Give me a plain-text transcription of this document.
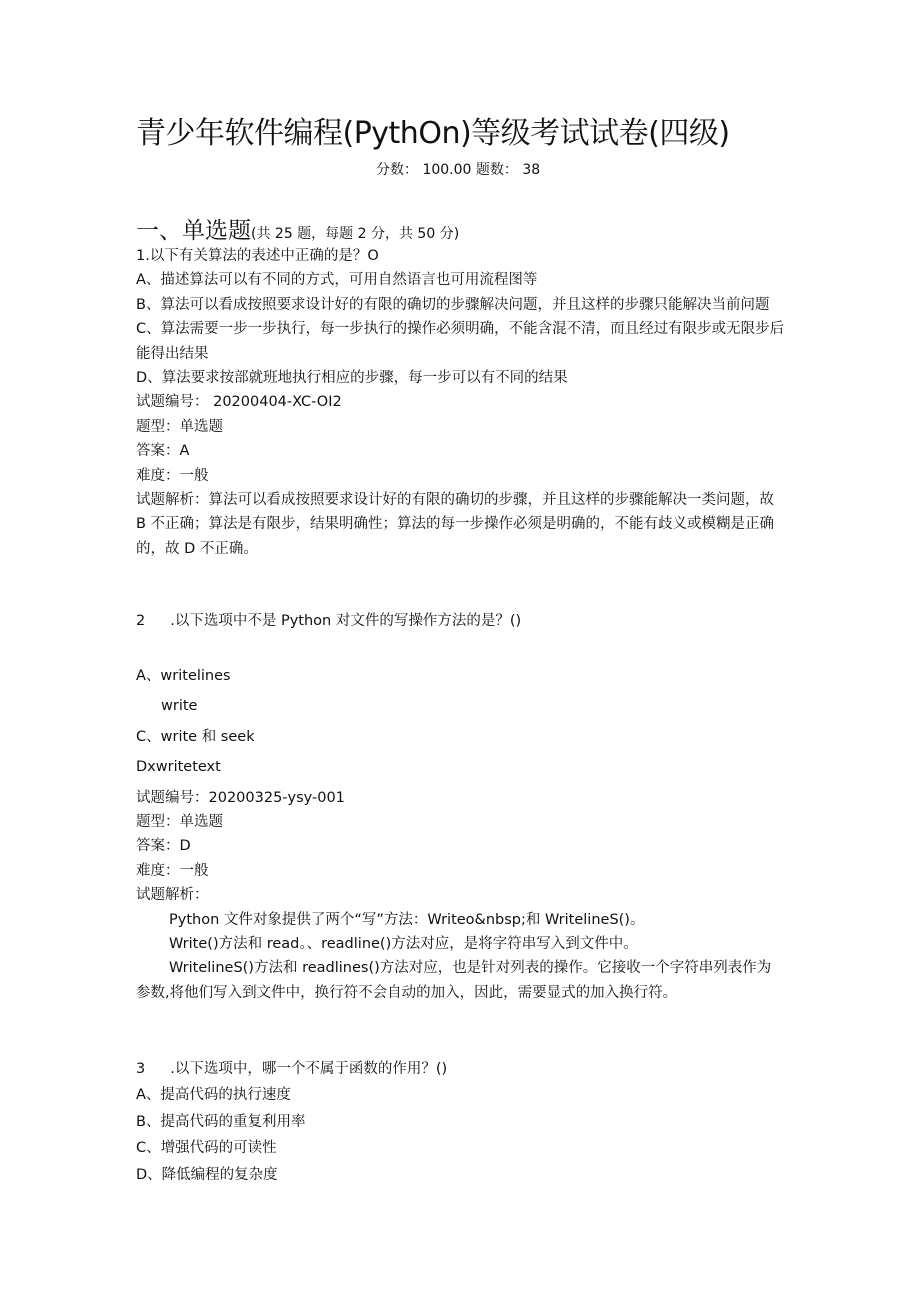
青少年软件编程(PythOn)等级考试试卷(四级)
分数： 100.00 题数： 38
一、单选题(共 25 题，每题 2 分，共 50 分)
1.以下有关算法的表述中正确的是？O
A、描述算法可以有不同的方式，可用自然语言也可用流程图等
B、算法可以看成按照要求设计好的有限的确切的步骤解决问题，并且这样的步骤只能解决当前问题
C、算法需要一步一步执行，每一步执行的操作必须明确，不能含混不清，而且经过有限步或无限步后能得出结果
D、算法要求按部就班地执行相应的步骤，每一步可以有不同的结果
试题编号： 20200404-XC-OI2
题型：单选题
答案：A
难度：一般
试题解析：算法可以看成按照要求设计好的有限的确切的步骤，并且这样的步骤能解决一类问题，故 B 不正确；算法是有限步，结果明确性；算法的每一步操作必须是明确的，不能有歧义或模糊是正确的，故 D 不正确。
2 .以下选项中不是 Python 对文件的写操作方法的是？()
A、writelines
write
C、write 和 seek
Dxwritetext
试题编号：20200325-ysy-001
题型：单选题
答案：D
难度：一般
试题解析：
Python 文件对象提供了两个“写”方法：Writeo&nbsp;和 WritelineS()。
Write()方法和 read。、readline()方法对应，是将字符串写入到文件中。
WritelineS()方法和 readlines()方法对应，也是针对列表的操作。它接收一个字符串列表作为
参数,将他们写入到文件中，换行符不会自动的加入，因此，需要显式的加入换行符。
3 .以下选项中，哪一个不属于函数的作用？()
A、提高代码的执行速度
B、提高代码的重复利用率
C、增强代码的可读性
D、降低编程的复杂度
